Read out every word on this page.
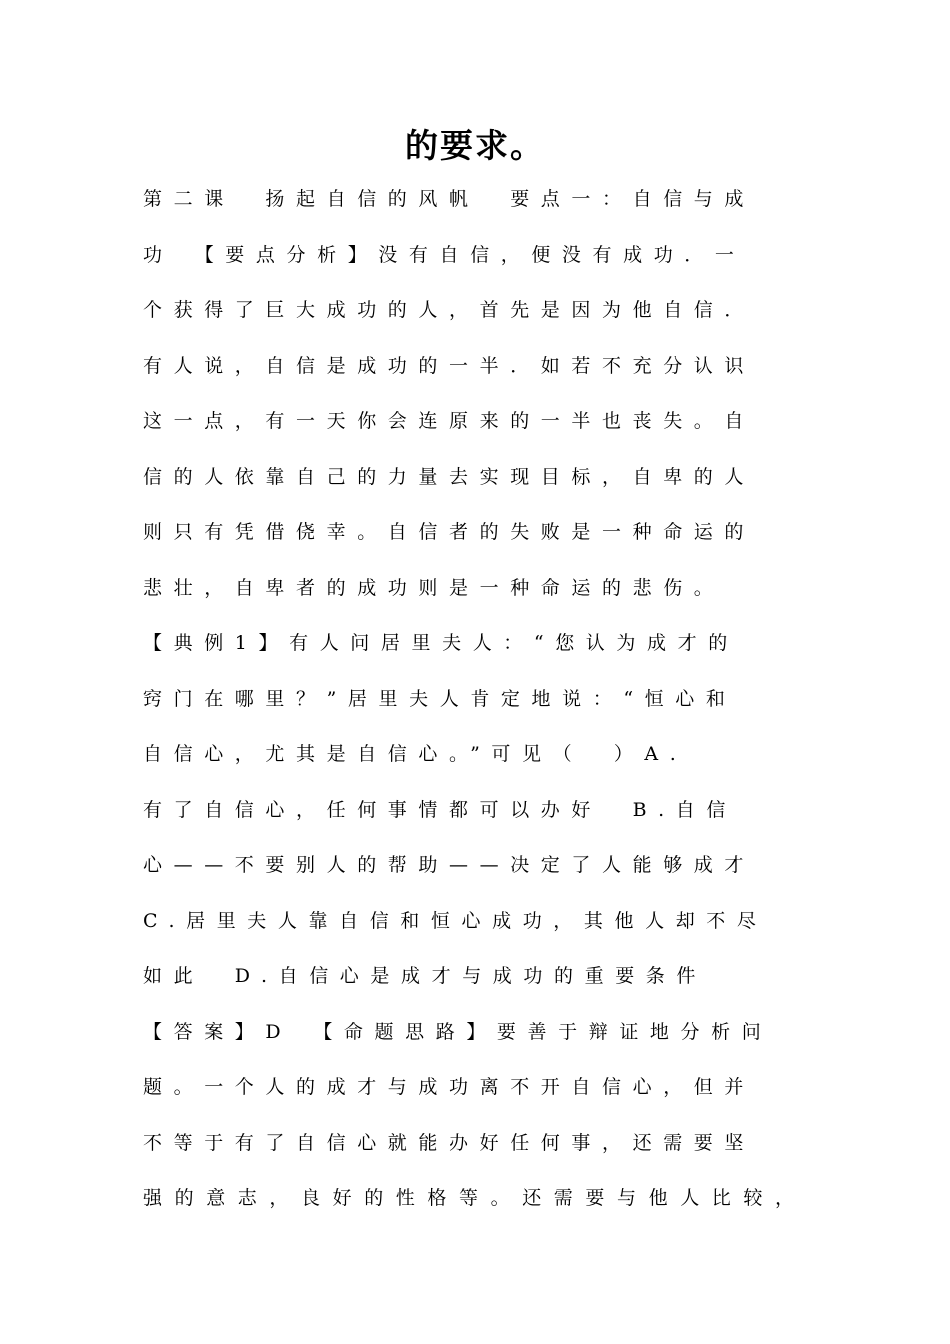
的要求。
第二课　扬起自信的风帆　要点一：自信与成
功　【要点分析】没有自信，便没有成功．一
个获得了巨大成功的人，首先是因为他自信．
有人说，自信是成功的一半．如若不充分认识
这一点，有一天你会连原来的一半也丧失。自
信的人依靠自己的力量去实现目标，自卑的人
则只有凭借侥幸。自信者的失败是一种命运的
悲壮，自卑者的成功则是一种命运的悲伤。
【典例1】有人问居里夫人：“您认为成才的
窍门在哪里？”居里夫人肯定地说：“恒心和
自信心，尤其是自信心。”可见（　）A.
有了自信心，任何事情都可以办好　B.自信
心——不要别人的帮助——决定了人能够成才
C.居里夫人靠自信和恒心成功，其他人却不尽
如此　D.自信心是成才与成功的重要条件
【答案】D　【命题思路】要善于辩证地分析问
题。一个人的成才与成功离不开自信心，但并
不等于有了自信心就能办好任何事，还需要坚
强的意志，良好的性格等。还需要与他人比较，
